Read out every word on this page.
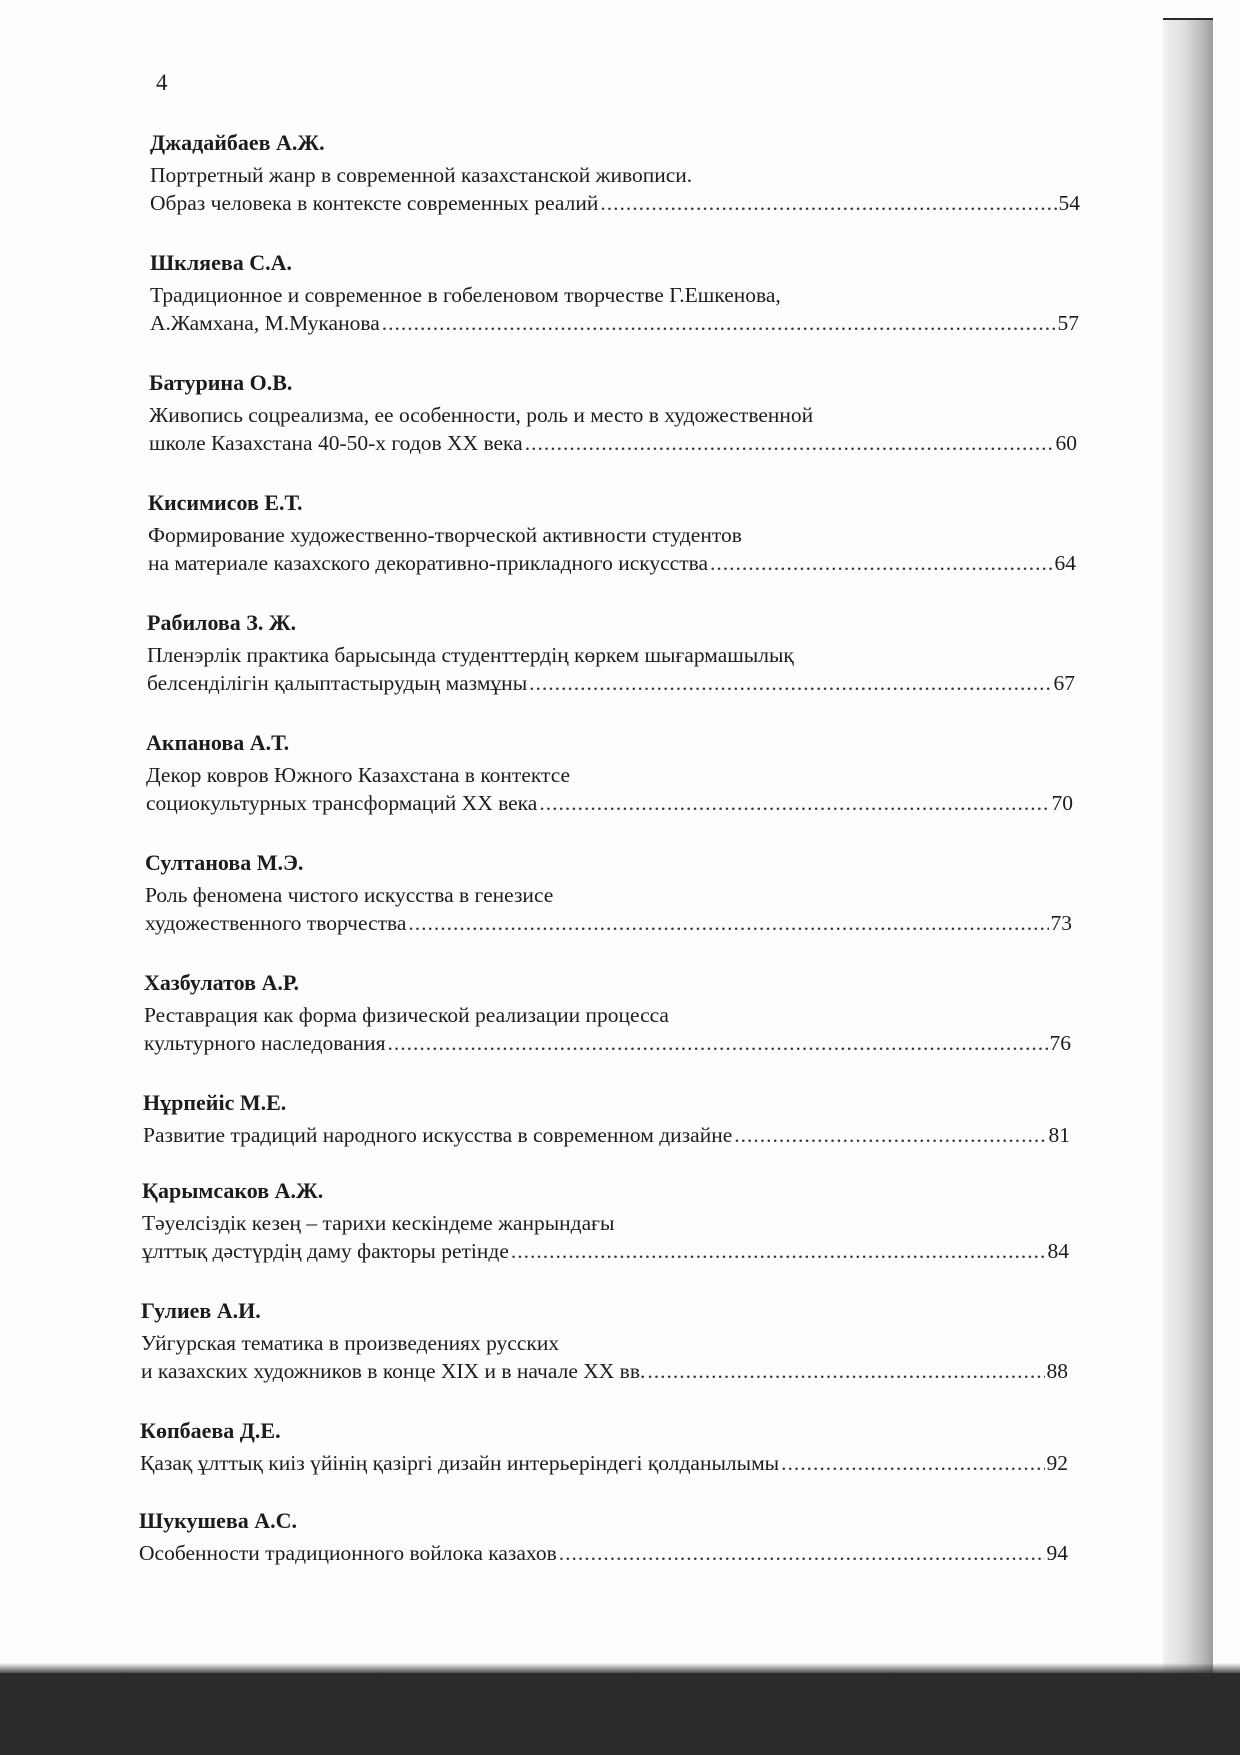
4
Джадайбаев А.Ж.
Портретный жанр в современной казахстанской живописи.
Образ человека в контексте современных реалий .....	54
Шкляева С.А.
Традиционное и современное в гобеленовом творчестве Г.Ешкенова,
А.Жамхана, М.Муканова .....	57
Батурина О.В.
Живопись соцреализма, ее особенности, роль и место в художественной
школе Казахстана 40-50-х годов ХХ века .....	60
Кисимисов Е.Т.
Формирование художественно-творческой активности студентов
на материале казахского декоративно-прикладного искусства .....	64
Рабилова З. Ж.
Пленэрлік практика барысында студенттердің көркем шығармашылық
белсенділігін қалыптастырудың мазмұны .....	67
Акпанова А.Т.
Декор ковров Южного Казахстана в контектсе
социокультурных трансформаций ХХ века .....	70
Султанова М.Э.
Роль феномена чистого искусства в генезисе
художественного творчества .....	73
Хазбулатов А.Р.
Реставрация как форма физической реализации процесса
культурного наследования .....	76
Нұрпейіс М.Е.
Развитие традиций народного искусства в современном дизайне .....	81
Қарымсаков А.Ж.
Тәуелсіздік кезең – тарихи кескіндеме жанрындағы
ұлттық дәстүрдің даму факторы ретінде .....	84
Гулиев А.И.
Уйгурская тематика в произведениях русских
и казахских художников в конце XIX и в начале XX вв. .....	88
Көпбаева Д.Е.
Қазақ ұлттық киіз үйінің қазіргі дизайн интерьеріндегі қолданылымы .....	92
Шукушева А.С.
Особенности традиционного войлока казахов .....	94
